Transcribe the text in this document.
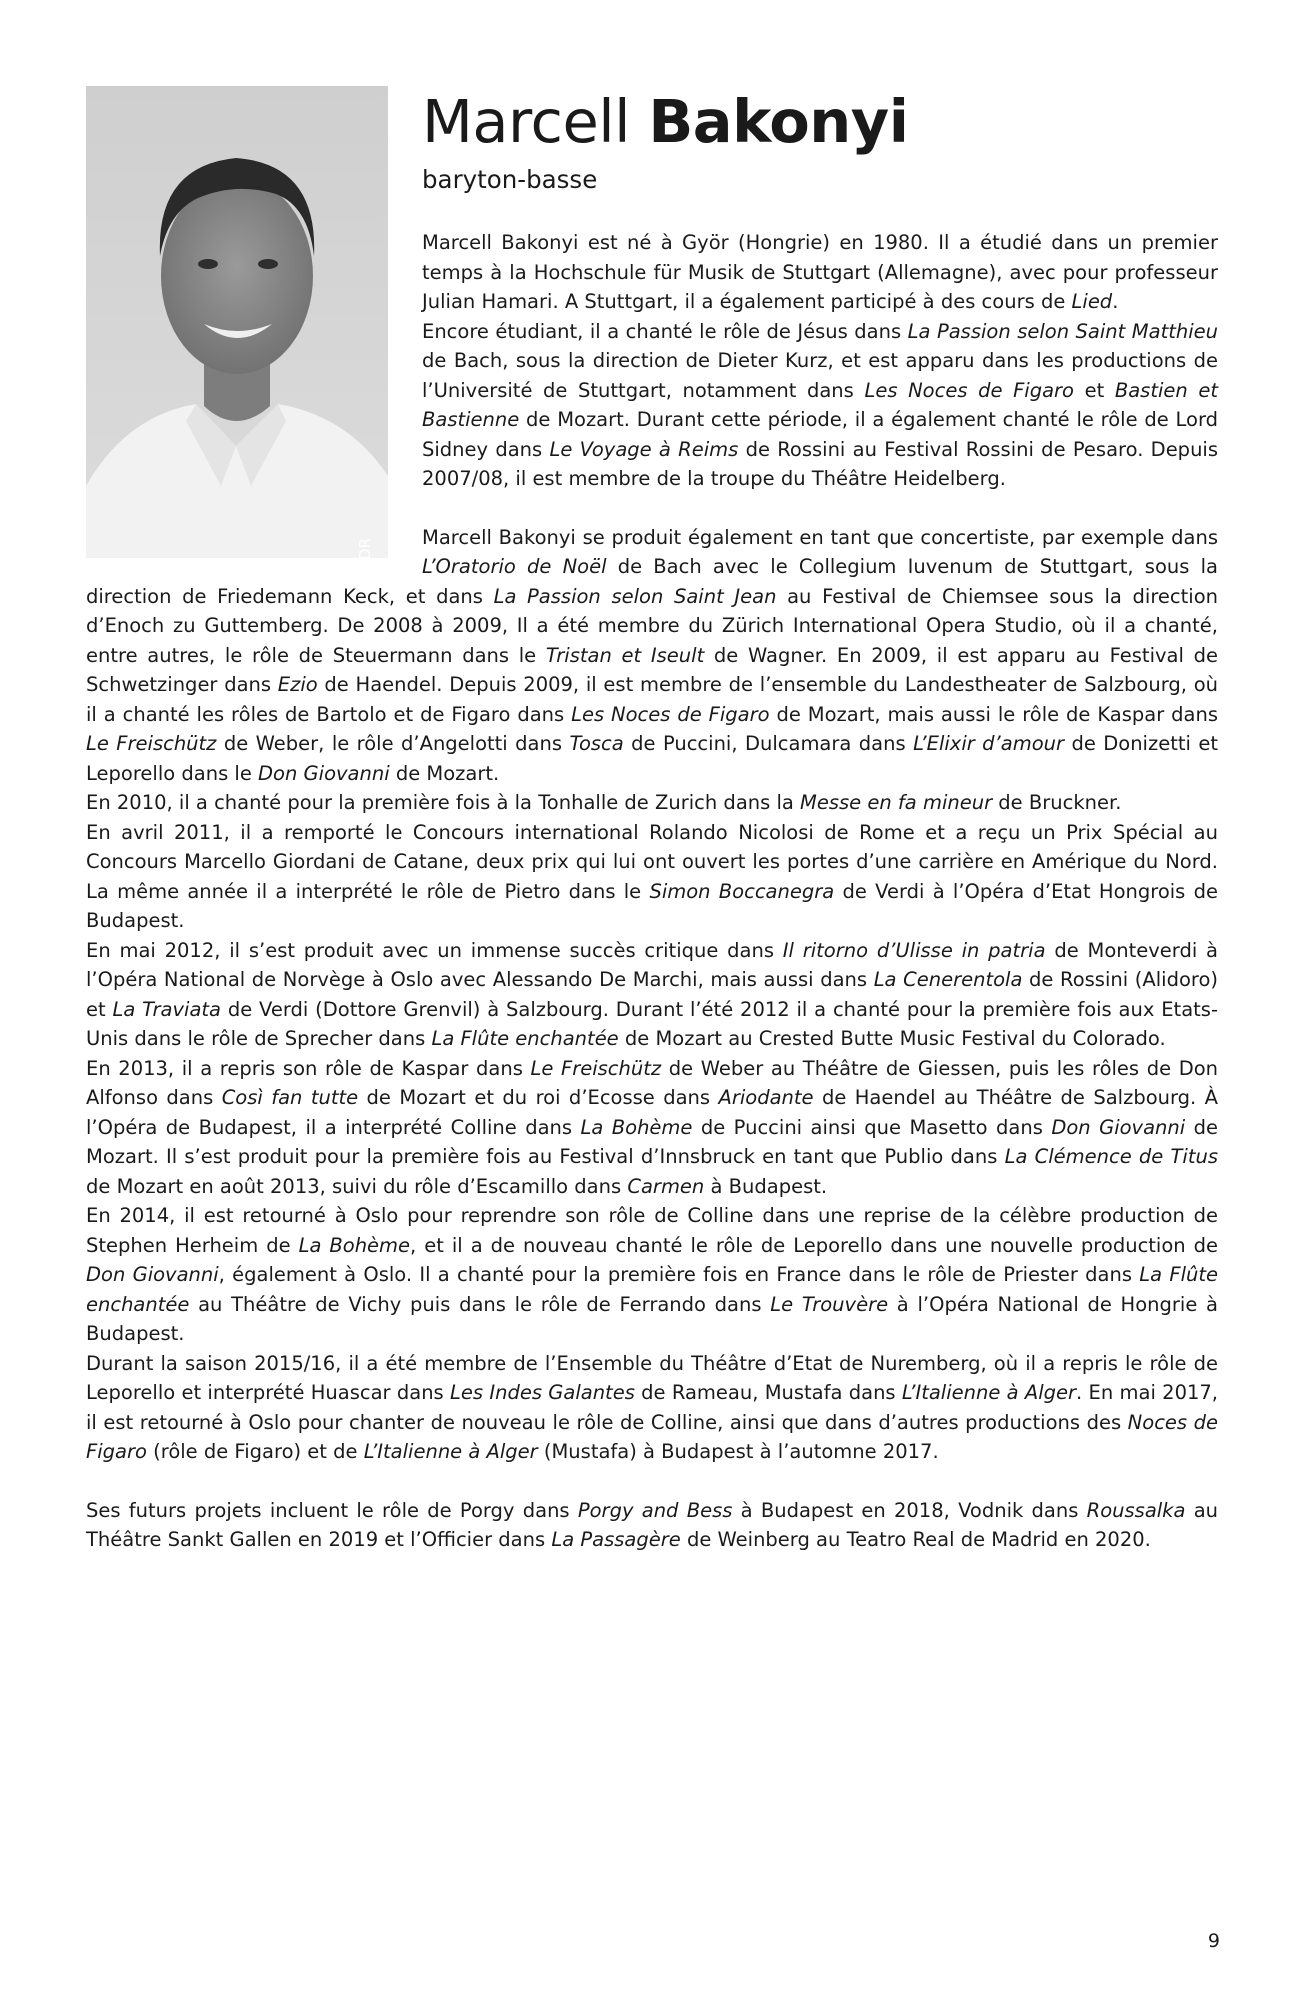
© DR
Marcell Bakonyi
baryton-basse

Marcell Bakonyi est né à Györ (Hongrie) en 1980. Il a étudié dans un premier temps à la Hochschule für Musik de Stuttgart (Allemagne), avec pour professeur Julian Hamari. A Stuttgart, il a également participé à des cours de Lied.

Encore étudiant, il a chanté le rôle de Jésus dans La Passion selon Saint Matthieu de Bach, sous la direction de Dieter Kurz, et est apparu dans les productions de l’Université de Stuttgart, notamment dans Les Noces de Figaro et Bastien et Bastienne de Mozart. Durant cette période, il a également chanté le rôle de Lord Sidney dans Le Voyage à Reims de Rossini au Festival Rossini de Pesaro. Depuis 2007/08, il est membre de la troupe du Théâtre Heidelberg.

Marcell Bakonyi se produit également en tant que concertiste, par exemple dans L’Oratorio de Noël de Bach avec le Collegium Iuvenum de Stuttgart, sous la direction de Friedemann Keck, et dans La Passion selon Saint Jean au Festival de Chiemsee sous la direction d’Enoch zu Guttemberg. De 2008 à 2009, Il a été membre du Zürich International Opera Studio, où il a chanté, entre autres, le rôle de Steuermann dans le Tristan et Iseult de Wagner. En 2009, il est apparu au Festival de Schwetzinger dans Ezio de Haendel. Depuis 2009, il est membre de l’ensemble du Landestheater de Salzbourg, où il a chanté les rôles de Bartolo et de Figaro dans Les Noces de Figaro de Mozart, mais aussi le rôle de Kaspar dans Le Freischütz de Weber, le rôle d’Angelotti dans Tosca de Puccini, Dulcamara dans L’Elixir d’amour de Donizetti et Leporello dans le Don Giovanni de Mozart.

En 2010, il a chanté pour la première fois à la Tonhalle de Zurich dans la Messe en fa mineur de Bruckner.

En avril 2011, il a remporté le Concours international Rolando Nicolosi de Rome et a reçu un Prix Spécial au Concours Marcello Giordani de Catane, deux prix qui lui ont ouvert les portes d’une carrière en Amérique du Nord. La même année il a interprété le rôle de Pietro dans le Simon Boccanegra de Verdi à l’Opéra d’Etat Hongrois de Budapest.

En mai 2012, il s’est produit avec un immense succès critique dans Il ritorno d’Ulisse in patria de Monteverdi à l’Opéra National de Norvège à Oslo avec Alessando De Marchi, mais aussi dans La Cenerentola de Rossini (Alidoro) et La Traviata de Verdi (Dottore Grenvil) à Salzbourg. Durant l’été 2012 il a chanté pour la première fois aux Etats-Unis dans le rôle de Sprecher dans La Flûte enchantée de Mozart au Crested Butte Music Festival du Colorado.

En 2013, il a repris son rôle de Kaspar dans Le Freischütz de Weber au Théâtre de Giessen, puis les rôles de Don Alfonso dans Così fan tutte de Mozart et du roi d’Ecosse dans Ariodante de Haendel au Théâtre de Salzbourg. À l’Opéra de Budapest, il a interprété Colline dans La Bohème de Puccini ainsi que Masetto dans Don Giovanni de Mozart. Il s’est produit pour la première fois au Festival d’Innsbruck en tant que Publio dans La Clémence de Titus de Mozart en août 2013, suivi du rôle d’Escamillo dans Carmen à Budapest.

En 2014, il est retourné à Oslo pour reprendre son rôle de Colline dans une reprise de la célèbre production de Stephen Herheim de La Bohème, et il a de nouveau chanté le rôle de Leporello dans une nouvelle production de Don Giovanni, également à Oslo. Il a chanté pour la première fois en France dans le rôle de Priester dans La Flûte enchantée au Théâtre de Vichy puis dans le rôle de Ferrando dans Le Trouvère à l’Opéra National de Hongrie à Budapest.

Durant la saison 2015/16, il a été membre de l’Ensemble du Théâtre d’Etat de Nuremberg, où il a repris le rôle de Leporello et interprété Huascar dans Les Indes Galantes de Rameau, Mustafa dans L’Italienne à Alger. En mai 2017, il est retourné à Oslo pour chanter de nouveau le rôle de Colline, ainsi que dans d’autres productions des Noces de Figaro (rôle de Figaro) et de L’Italienne à Alger (Mustafa) à Budapest à l’automne 2017.

Ses futurs projets incluent le rôle de Porgy dans Porgy and Bess à Budapest en 2018, Vodnik dans Roussalka au Théâtre Sankt Gallen en 2019 et l’Officier dans La Passagère de Weinberg au Teatro Real de Madrid en 2020.

9
